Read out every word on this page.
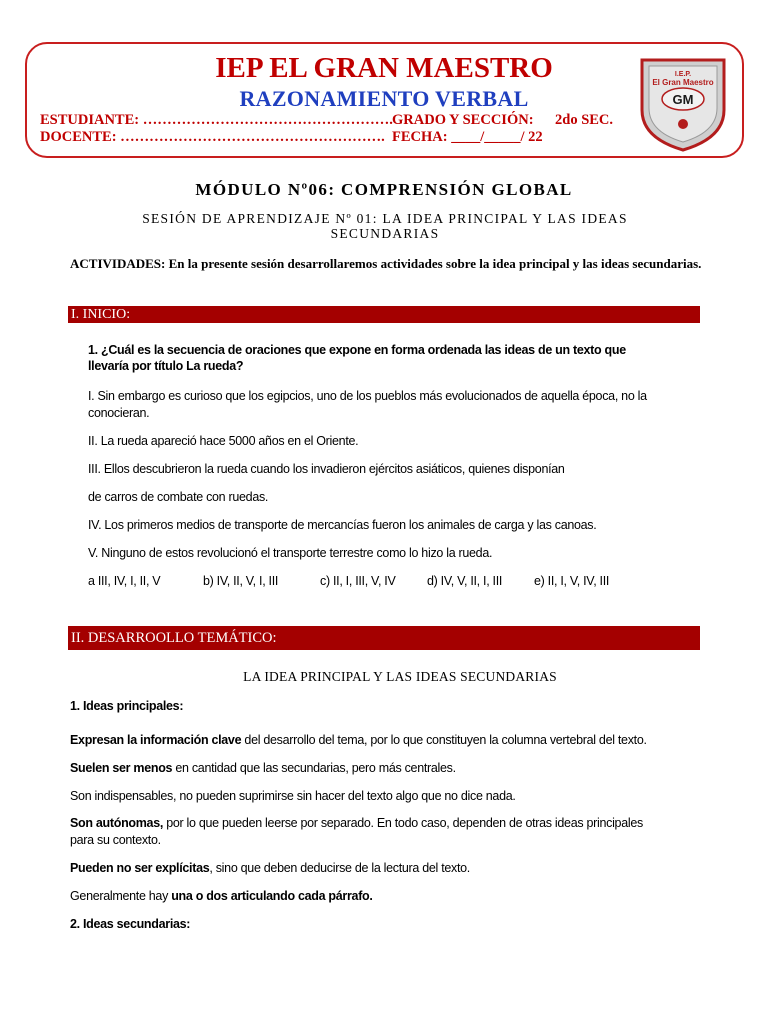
IEP EL GRAN MAESTRO
RAZONAMIENTO VERBAL
ESTUDIANTE: ……………………………………………. GRADO Y SECCIÓN: 2do SEC.
DOCENTE: ………………………………………………. FECHA: ____/_____/ 22
I.E.P.
El Gran Maestro
GM
MÓDULO Nº06: COMPRENSIÓN GLOBAL
SESIÓN DE APRENDIZAJE Nº 01: LA IDEA PRINCIPAL Y LAS IDEAS SECUNDARIAS
ACTIVIDADES: En la presente sesión desarrollaremos actividades sobre la idea principal y las ideas secundarias.
I. INICIO:
1. ¿Cuál es la secuencia de oraciones que expone en forma ordenada las ideas de un texto que
llevaría por título La rueda?
I. Sin embargo es curioso que los egipcios, uno de los pueblos más evolucionados de aquella época, no la
conocieran.
II. La rueda apareció hace 5000 años en el Oriente.
III. Ellos descubrieron la rueda cuando los invadieron ejércitos asiáticos, quienes disponían
de carros de combate con ruedas.
IV. Los primeros medios de transporte de mercancías fueron los animales de carga y las canoas.
V. Ninguno de estos revolucionó el transporte terrestre como lo hizo la rueda.
a III, IV, I, II, V	b) IV, II, V, I, III	c) II, I, III, V, IV	d) IV, V, II, I, III	e) II, I, V, IV, III
II. DESARROOLLO TEMÁTICO:
LA IDEA PRINCIPAL Y LAS IDEAS SECUNDARIAS
1. Ideas principales:
Expresan la información clave del desarrollo del tema, por lo que constituyen la columna vertebral del texto.
Suelen ser menos en cantidad que las secundarias, pero más centrales.
Son indispensables, no pueden suprimirse sin hacer del texto algo que no dice nada.
Son autónomas, por lo que pueden leerse por separado. En todo caso, dependen de otras ideas principales
para su contexto.
Pueden no ser explícitas, sino que deben deducirse de la lectura del texto.
Generalmente hay una o dos articulando cada párrafo.
2. Ideas secundarias:
